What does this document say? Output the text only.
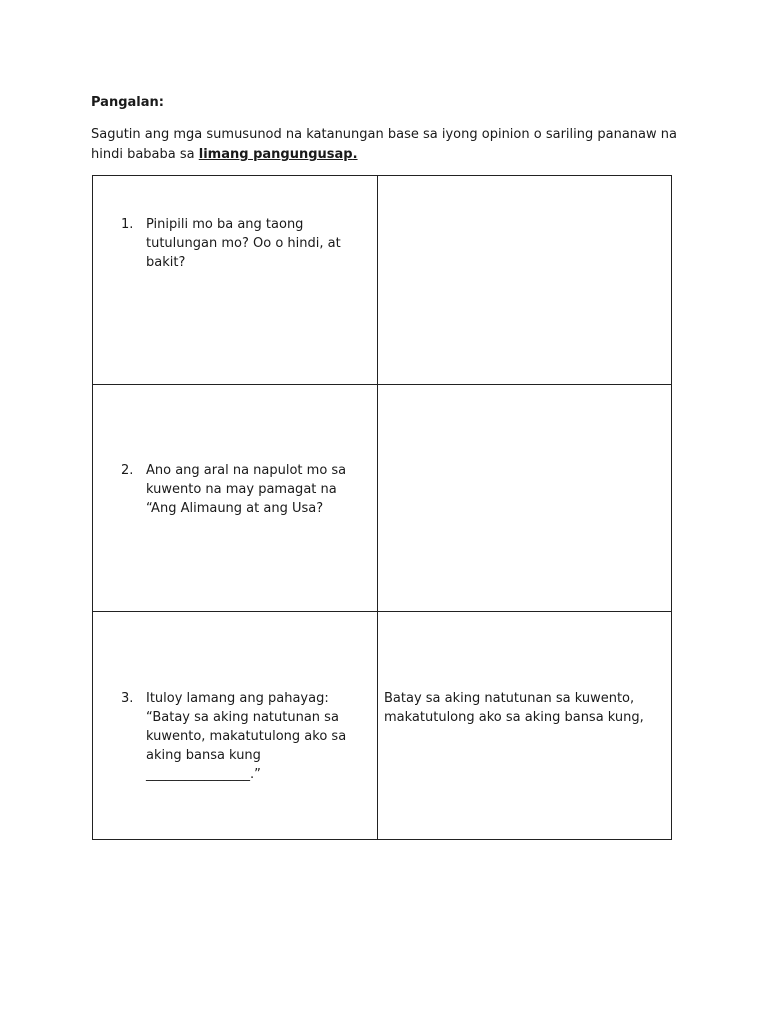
Pangalan:
Sagutin ang mga sumusunod na katanungan base sa iyong opinion o sariling pananaw na hindi bababa sa limang pangungusap.
1. Pinipili mo ba ang taong tutulungan mo? Oo o hindi, at bakit?	

2. Ano ang aral na napulot mo sa kuwento na may pamagat na “Ang Alimaung at ang Usa?	

3. Ituloy lamang ang pahayag: “Batay sa aking natutunan sa kuwento, makatutulong ako sa aking bansa kung ________________.”	Batay sa aking natutunan sa kuwento, makatutulong ako sa aking bansa kung,
